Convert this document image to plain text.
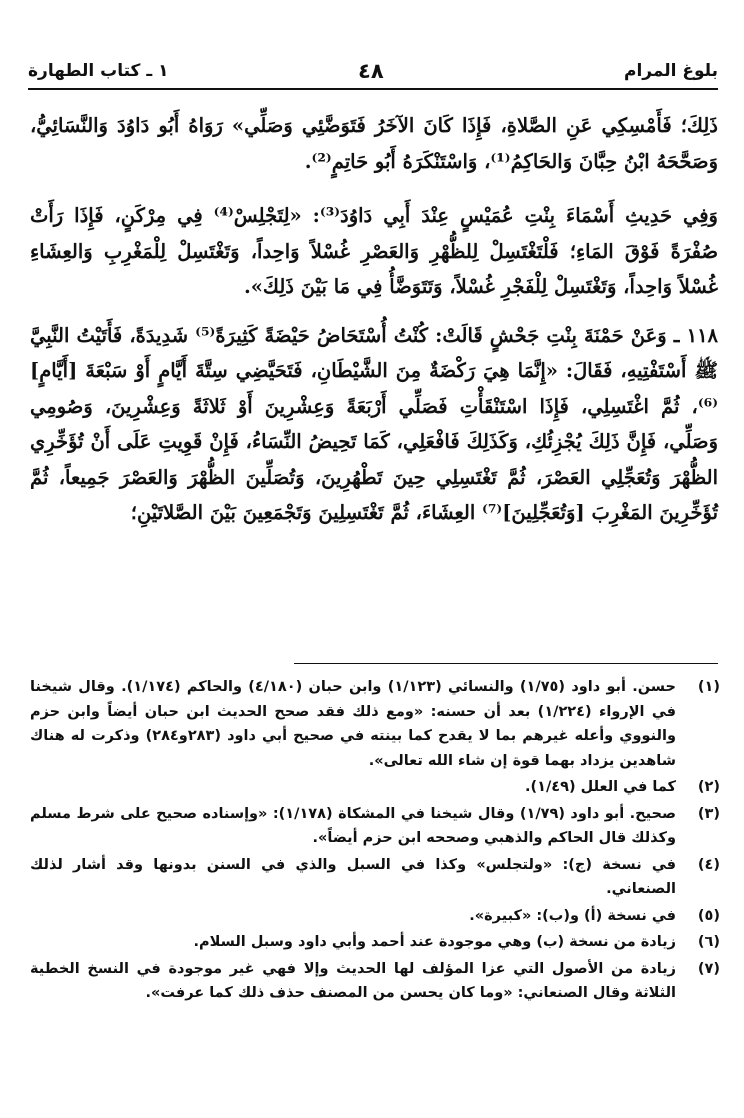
بلوغ المرام
٤٨
١ ـ كتاب الطهارة

ذَلِكَ؛ فَأَمْسِكِي عَنِ الصَّلاةِ، فَإِذَا كَانَ الآخَرُ فَتَوَضَّئِي وَصَلِّي» رَوَاهُ أَبُو دَاوُدَ وَالنَّسَائِيُّ، وَصَحَّحَهُ ابْنُ حِبَّانَ وَالحَاكِمُ⁽¹⁾، وَاسْتَنْكَرَهُ أَبُو حَاتِمٍ⁽²⁾.

وَفِي حَدِيثِ أَسْمَاءَ بِنْتِ عُمَيْسٍ عِنْدَ أَبِي دَاوُدَ⁽³⁾: «لِتَجْلِسْ⁽⁴⁾ فِي مِرْكَنٍ، فَإِذَا رَأَتْ صُفْرَةً فَوْقَ المَاءِ؛ فَلْتَغْتَسِلْ لِلظُّهْرِ وَالعَصْرِ غُسْلاً وَاحِداً، وَتَغْتَسِلْ لِلْمَغْرِبِ وَالعِشَاءِ غُسْلاً وَاحِداً، وَتَغْتَسِلْ لِلْفَجْرِ غُسْلاً، وَتَتَوَضَّأُ فِي مَا بَيْنَ ذَلِكَ».

١١٨ ـ وَعَنْ حَمْنَةَ بِنْتِ جَحْشٍ قَالَتْ: كُنْتُ أُسْتَحَاضُ حَيْضَةً كَثِيرَةً⁽⁵⁾ شَدِيدَةً، فَأَتَيْتُ النَّبِيَّ ﷺ أَسْتَفْتِيهِ، فَقَالَ: «إِنَّمَا هِيَ رَكْضَةٌ مِنَ الشَّيْطَانِ، فَتَحَيَّضِي سِتَّةَ أَيَّامٍ أَوْ سَبْعَةَ [أَيَّامٍ]⁽⁶⁾، ثُمَّ اغْتَسِلِي، فَإِذَا اسْتَنْقَأْتِ فَصَلِّي أَرْبَعَةً وَعِشْرِينَ أَوْ ثَلاثَةً وَعِشْرِينَ، وَصُومِي وَصَلِّي، فَإِنَّ ذَلِكَ يُجْزِئُكِ، وَكَذَلِكَ فَافْعَلِي، كَمَا تَحِيضُ النِّسَاءُ، فَإِنْ قَوِيتِ عَلَى أَنْ تُؤَخِّرِي الظُّهْرَ وَتُعَجِّلِي العَصْرَ، ثُمَّ تَغْتَسِلِي حِينَ تَطْهُرِينَ، وَتُصَلِّينَ الظُّهْرَ وَالعَصْرَ جَمِيعاً، ثُمَّ تُؤَخِّرِينَ المَغْرِبَ [وَتُعَجِّلِينَ]⁽⁷⁾ العِشَاءَ، ثُمَّ تَغْتَسِلِينَ وَتَجْمَعِينَ بَيْنَ الصَّلاتَيْنِ؛

(١)
حسن. أبو داود (١/٧٥) والنسائي (١/١٢٣) وابن حبان (٤/١٨٠) والحاكم (١/١٧٤). وقال شيخنا في الإرواء (١/٢٢٤) بعد أن حسنه: «ومع ذلك فقد صحح الحديث ابن حبان أيضاً وابن حزم والنووي وأعله غيرهم بما لا يقدح كما بينته في صحيح أبي داود (٢٨٣و٢٨٤) وذكرت له هناك شاهدين يزداد بهما قوة إن شاء الله تعالى».
(٢)
كما في العلل (١/٤٩).
(٣)
صحيح. أبو داود (١/٧٩) وقال شيخنا في المشكاة (١/١٧٨): «وإسناده صحيح على شرط مسلم وكذلك قال الحاكم والذهبي وصححه ابن حزم أيضاً».
(٤)
في نسخة (ج): «ولتجلس» وكذا في السبل والذي في السنن بدونها وقد أشار لذلك الصنعاني.
(٥)
في نسخة (أ) و(ب): «كبيرة».
(٦)
زيادة من نسخة (ب) وهي موجودة عند أحمد وأبي داود وسبل السلام.
(٧)
زيادة من الأصول التي عزا المؤلف لها الحديث وإلا فهي غير موجودة في النسخ الخطية الثلاثة وقال الصنعاني: «وما كان يحسن من المصنف حذف ذلك كما عرفت».
